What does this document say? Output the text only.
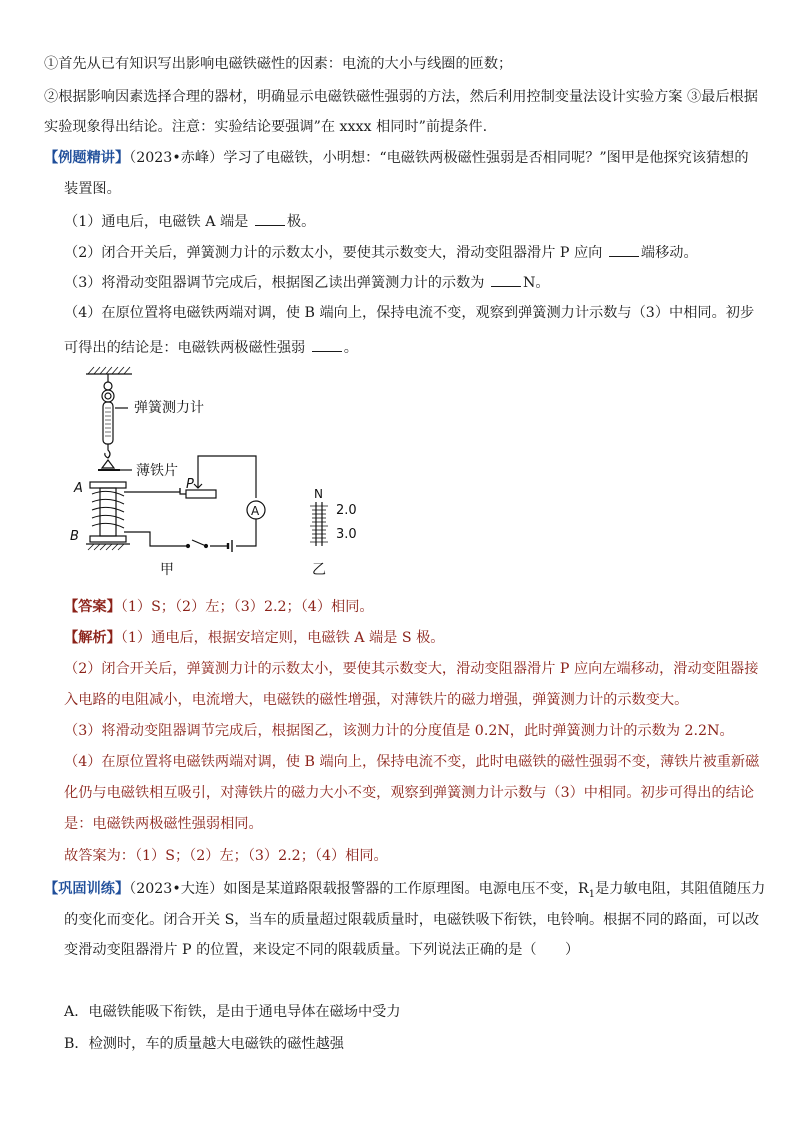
①首先从已有知识写出影响电磁铁磁性的因素：电流的大小与线圈的匝数；
②根据影响因素选择合理的器材，明确显示电磁铁磁性强弱的方法，然后利用控制变量法设计实验方案 ③最后根据
实验现象得出结论。注意：实验结论要强调”在 xxxx 相同时”前提条件.
【例题精讲】（2023•赤峰）学习了电磁铁，小明想：“电磁铁两极磁性强弱是否相同呢？”图甲是他探究该猜想的
装置图。
（1）通电后，电磁铁 A 端是	极。
（2）闭合开关后，弹簧测力计的示数太小，要使其示数变大，滑动变阻器滑片 P 应向	端移动。
（3）将滑动变阻器调节完成后，根据图乙读出弹簧测力计的示数为	N。
（4）在原位置将电磁铁两端对调，使 B 端向上，保持电流不变，观察到弹簧测力计示数与（3）中相同。初步
可得出的结论是：电磁铁两极磁性强弱	。
弹簧测力计
薄铁片
A
B
P
A
N
2.0
3.0
甲	乙
【答案】（1）S；（2）左；（3）2.2；（4）相同。
【解析】（1）通电后，根据安培定则，电磁铁 A 端是 S 极。
（2）闭合开关后，弹簧测力计的示数太小，要使其示数变大，滑动变阻器滑片 P 应向左端移动，滑动变阻器接
入电路的电阻减小，电流增大，电磁铁的磁性增强，对薄铁片的磁力增强，弹簧测力计的示数变大。
（3）将滑动变阻器调节完成后，根据图乙，该测力计的分度值是 0.2N，此时弹簧测力计的示数为 2.2N。
（4）在原位置将电磁铁两端对调，使 B 端向上，保持电流不变，此时电磁铁的磁性强弱不变，薄铁片被重新磁
化仍与电磁铁相互吸引，对薄铁片的磁力大小不变，观察到弹簧测力计示数与（3）中相同。初步可得出的结论
是：电磁铁两极磁性强弱相同。
故答案为：（1）S；（2）左；（3）2.2；（4）相同。
【巩固训练】（2023•大连）如图是某道路限载报警器的工作原理图。电源电压不变，$R_1$是力敏电阻，其阻值随压力
的变化而变化。闭合开关 S，当车的质量超过限载质量时，电磁铁吸下衔铁，电铃响。根据不同的路面，可以改
变滑动变阻器滑片 P 的位置，来设定不同的限载质量。下列说法正确的是（　　）
A．电磁铁能吸下衔铁，是由于通电导体在磁场中受力
B．检测时，车的质量越大电磁铁的磁性越强
